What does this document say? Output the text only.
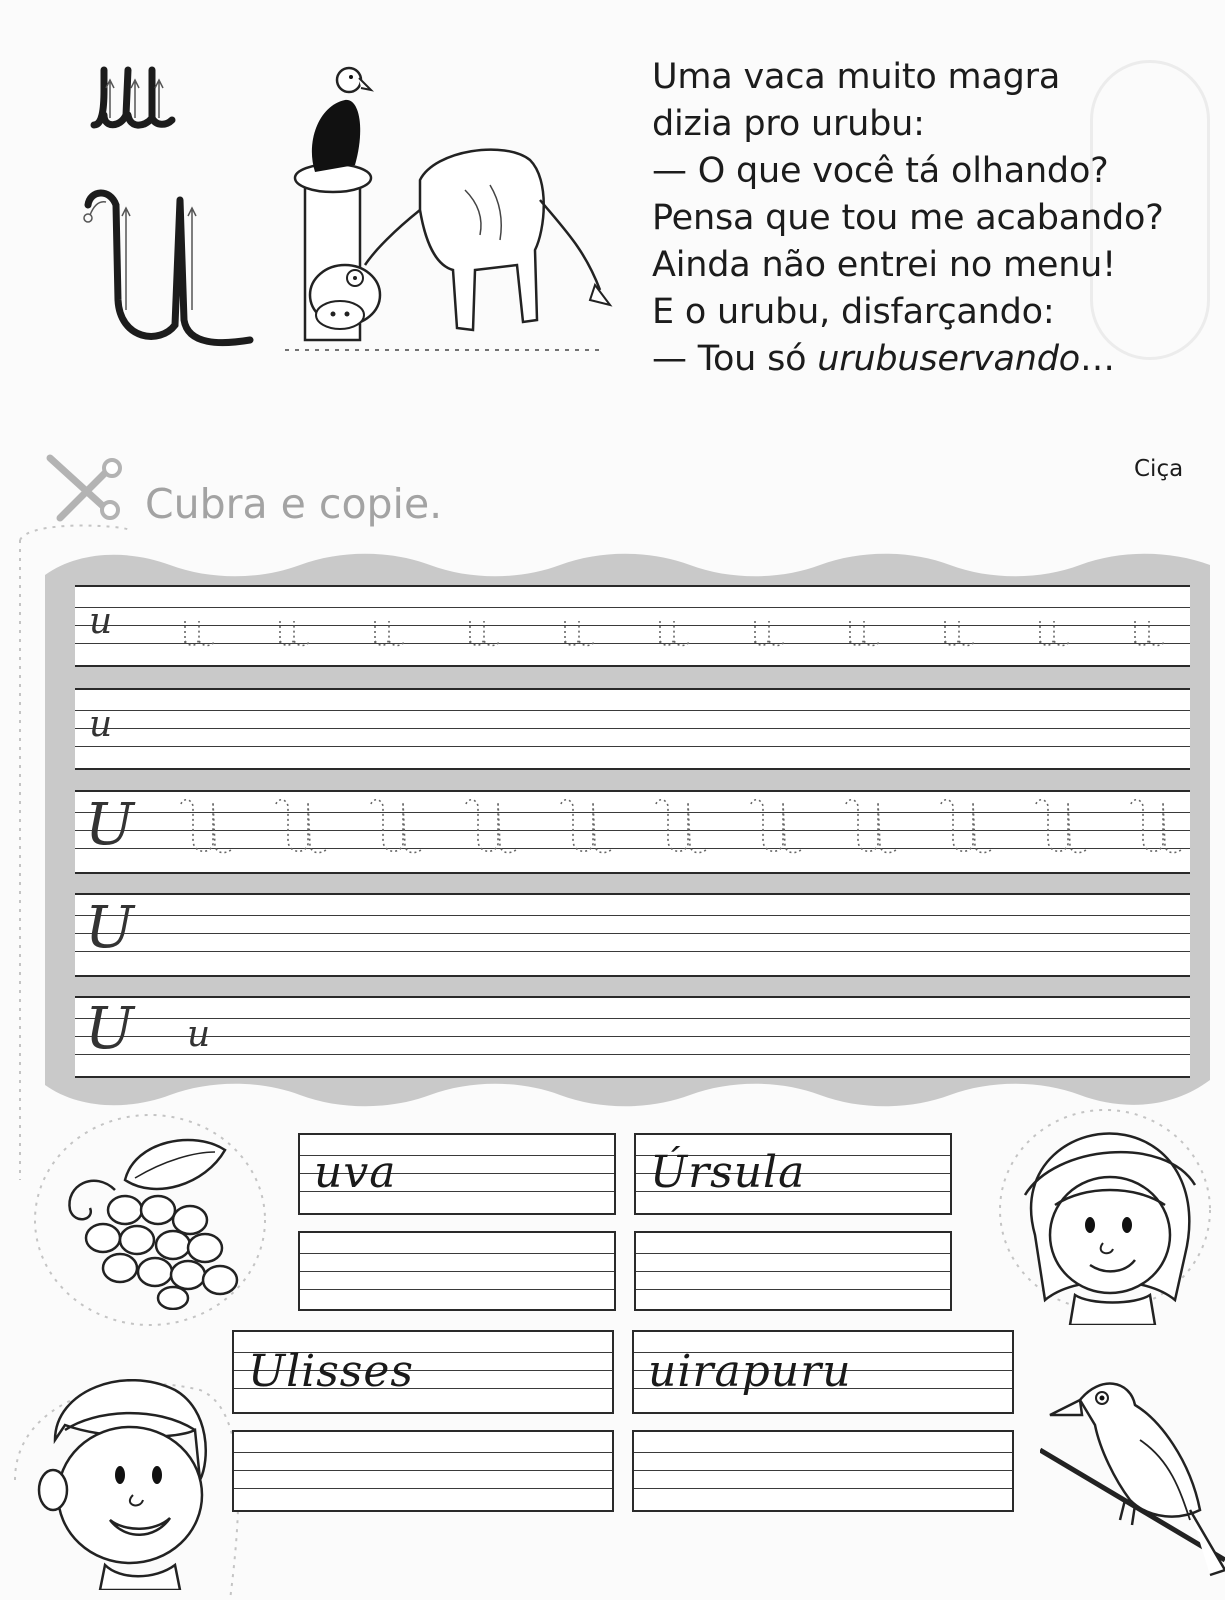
Uma vaca muito magra
dizia pro urubu:
— O que você tá olhando?
Pensa que tou me acabando?
Ainda não entrei no menu!
E o urubu, disfarçando:
— Tou só urubuservando…
Ciça
Cubra e copie.
u
u
U
U
U u
uva	Úrsula
Ulisses	uirapuru
